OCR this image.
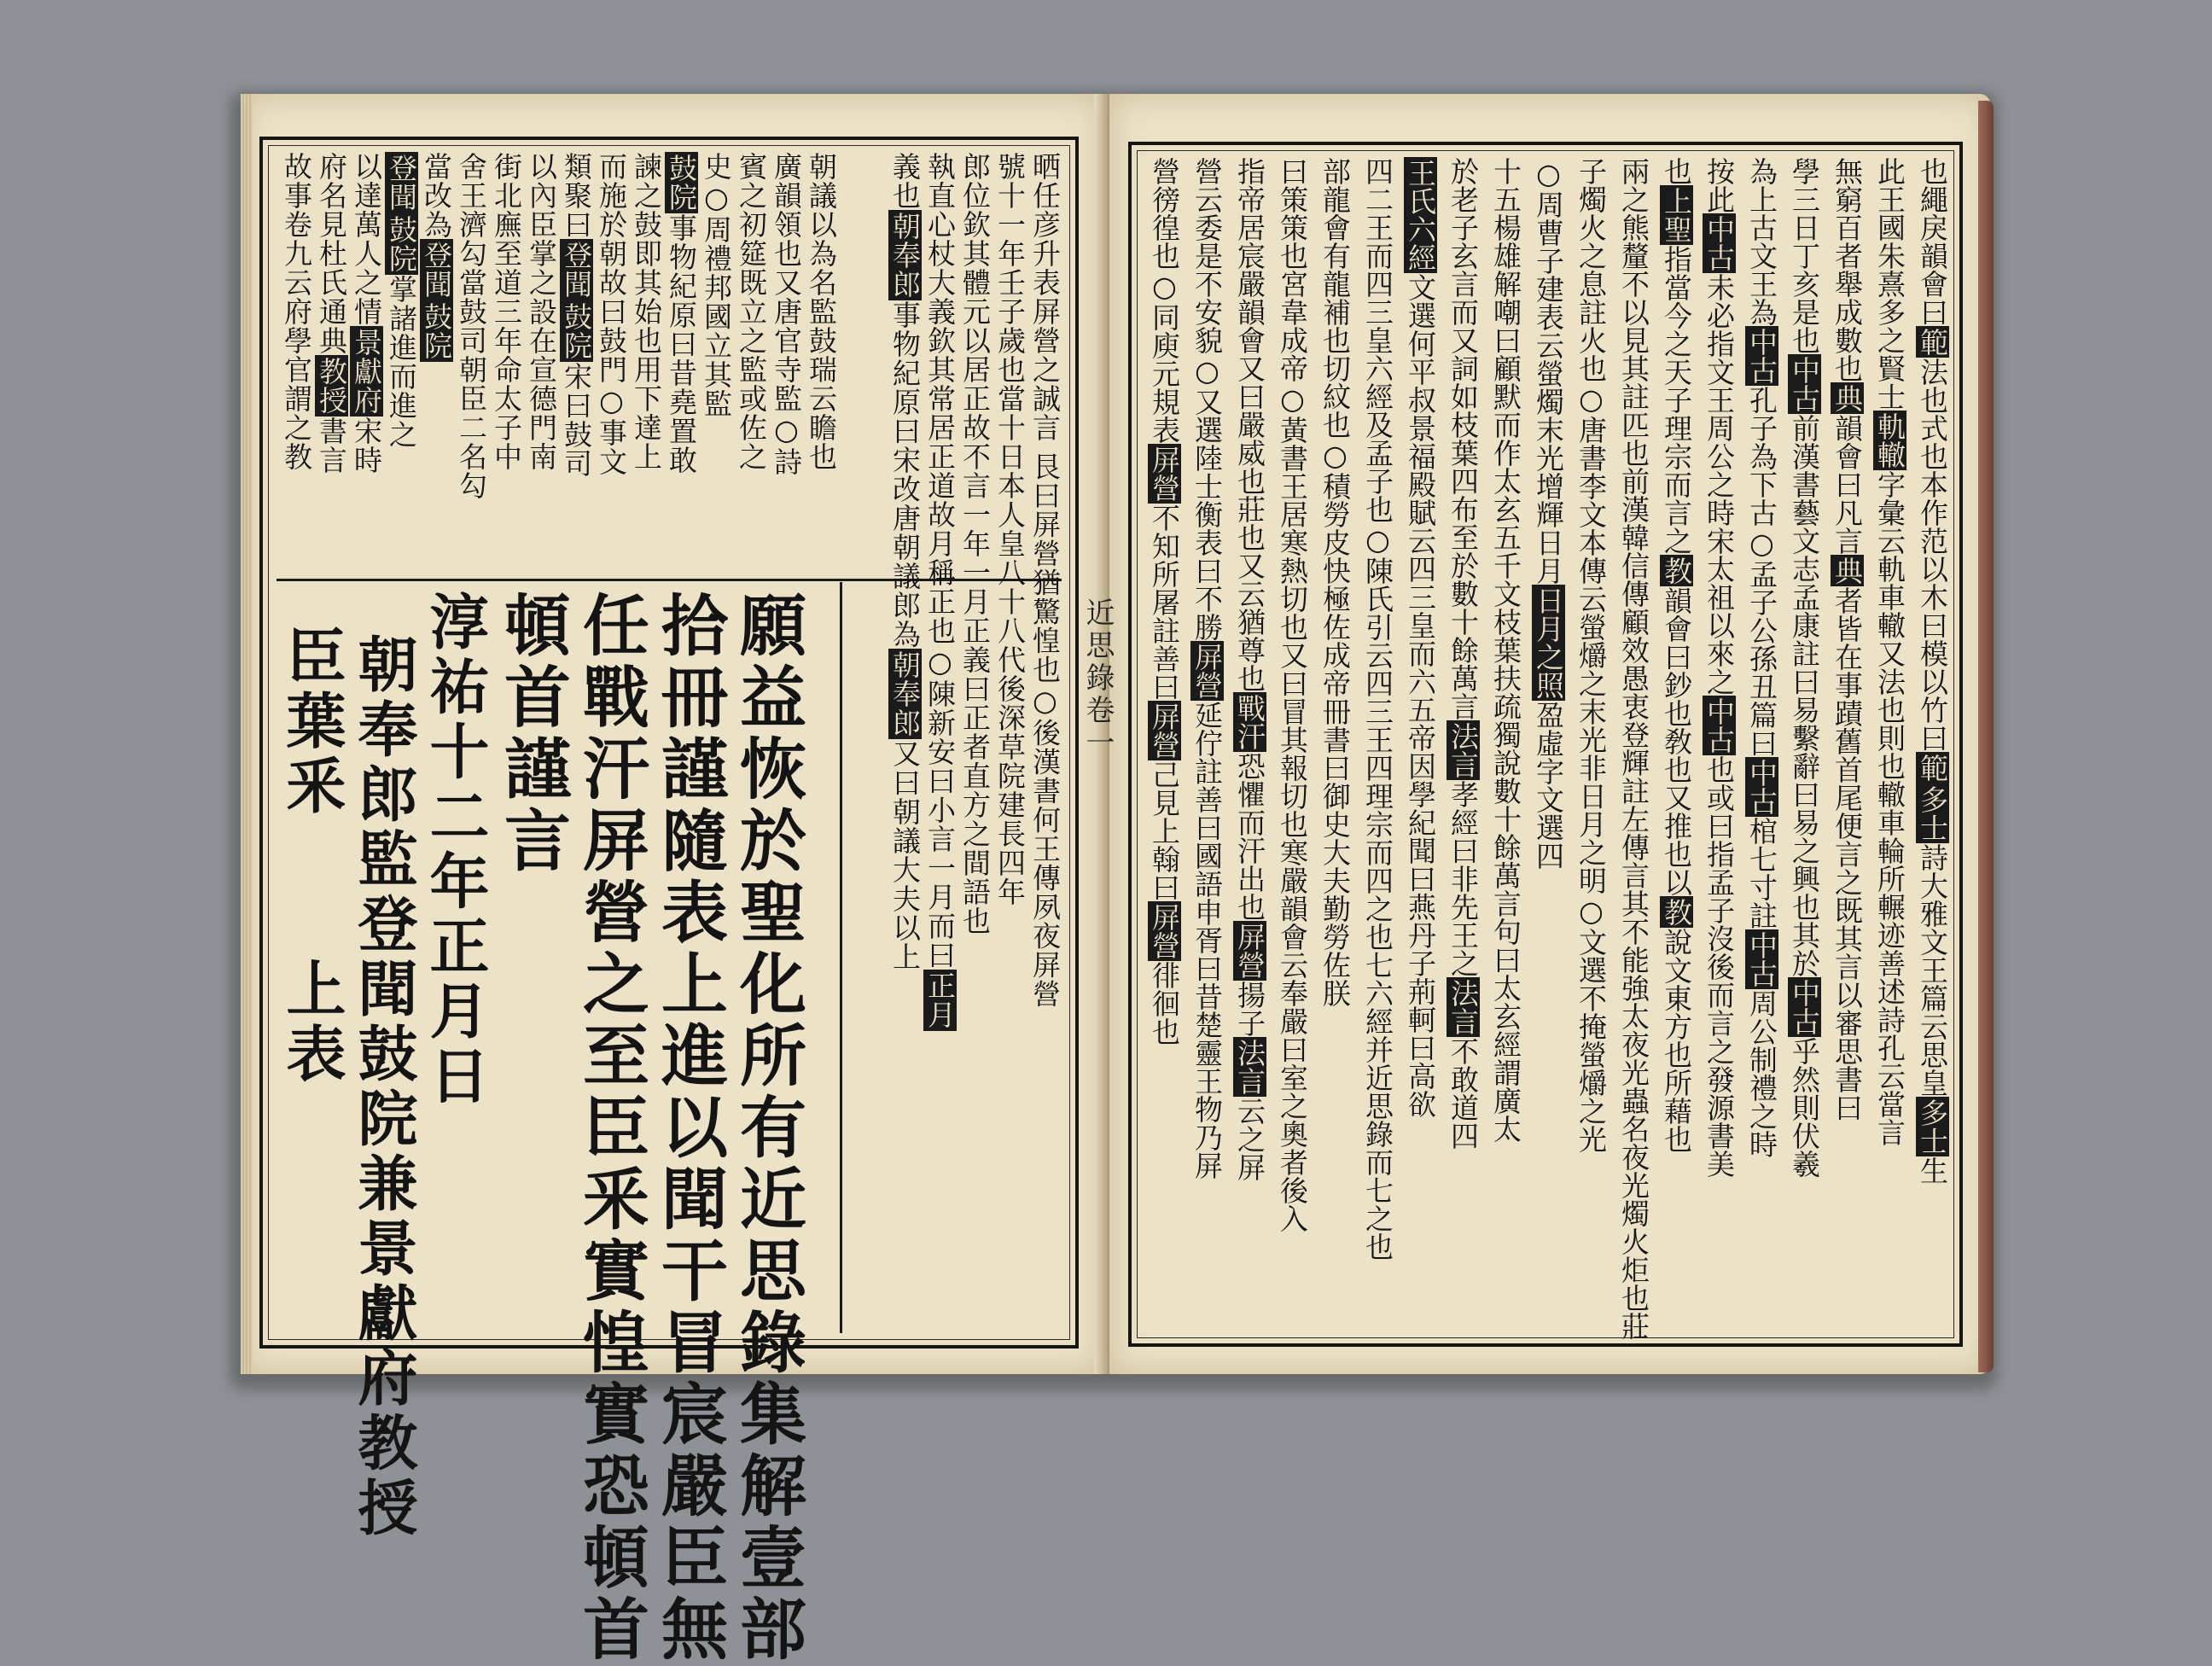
晒任彦升表屏營之誠言 艮曰屏營猶驚惶也○後漢書何王傳夙夜屏營
號十一年壬子歲也當十日本人皇八十八代後深草院建長四年
郎位欽其體元以居正故不言一年一月正義曰正者直方之間語也
執直心杖大義欽其常居正道故月稱正也○陳新安曰小言一月而曰正月
義也朝奉郎事物紀原曰宋改唐朝議郎為朝奉郎又曰朝議大夫以上
朝議以為名監鼓瑞云瞻也
廣韻領也又唐官寺監○詩
賓之初筵既立之監或佐之
史○周禮邦國立其監
鼓院事物紀原曰昔堯置敢
諫之鼓即其始也用下達上
而施於朝故曰鼓門○事文
類聚曰登聞鼓院宋曰鼓司
以內臣掌之設在宣德門南
街北廡至道三年命太子中
舍王濟勾當鼓司朝臣二名勾
當改為登聞鼓院
登聞鼓院掌諸進而進之
以達萬人之情景獻府宋時
府名見杜氏通典教授書言
故事卷九云府學官謂之教
願益恢於聖化所有近思錄集解壹部
拾冊謹隨表上進以聞干冒宸嚴臣無
任戰汗屏營之至臣釆實惶實恐頓首
頓首謹言
淳祐十二年正月日
朝奉郎監登聞鼓院兼景獻府教授
臣葉釆
上表
近思錄卷一
也繩戾韻會曰範法也式也本作范以木曰模以竹曰範多士詩大雅文王篇云思皇多士生
此王國朱熹多之賢士軌轍字彙云軌車轍又法也則也轍車輪所輾迹善述詩孔云當言
無窮百者舉成數也典韻會曰凡言典者皆在事蹟舊首尾便言之既其言以審思書曰
學三日丁亥是也中古前漢書藝文志孟康註曰易繫辭曰易之興也其於中古乎然則伏羲
為上古文王為中古孔子為下古○孟子公孫丑篇曰中古棺七寸註中古周公制禮之時
按此中古未必指文王周公之時宋太祖以來之中古也或曰指孟子沒後而言之發源書美
也上聖指當今之天子理宗而言之教韻會曰鈔也敎也又推也以教說文東方也所藉也
兩之熊釐不以見其註匹也前漢韓信傳顧效愚衷登輝註左傳言其不能強太夜光蟲名夜光燭火炬也莊
子燭火之息註火也○唐書李文本傳云螢爝之末光非日月之明○文選不掩螢爝之光
○周曹子建表云螢燭末光增輝日月日月之照盈虛字文選四
十五楊雄解嘲曰顧默而作太玄五千文枝葉扶疏獨說數十餘萬言句曰太玄經謂廣太
於老子玄言而又詞如枝葉四布至於數十餘萬言法言孝經曰非先王之法言不敢道四
王氏六經文選何平叔景福殿賦云四三皇而六五帝因學紀聞曰燕丹子荊軻曰高欲
四二王而四三皇六經及孟子也○陳氏引云四三王四理宗而四之也七六經并近思錄而七之也
部龍會有龍補也切紋也○積勞皮快極佐成帝冊書曰御史大夫勤勞佐朕
曰策策也宮韋成帝○黃書王居寒熱切也又曰冒其報切也寒嚴韻會云奉嚴曰室之奧者後入
指帝居宸嚴韻會又曰嚴威也莊也又云猶尊也戰汗恐懼而汗出也屏營揚子法言云之屏
營云委是不安貌○又選陸士衡表曰不勝屏營延佇註善曰國語申胥曰昔楚靈王物乃屏
營徬徨也○同庾元規表屏營不知所屠註善曰屏營己見上翰曰屏營徘徊也
